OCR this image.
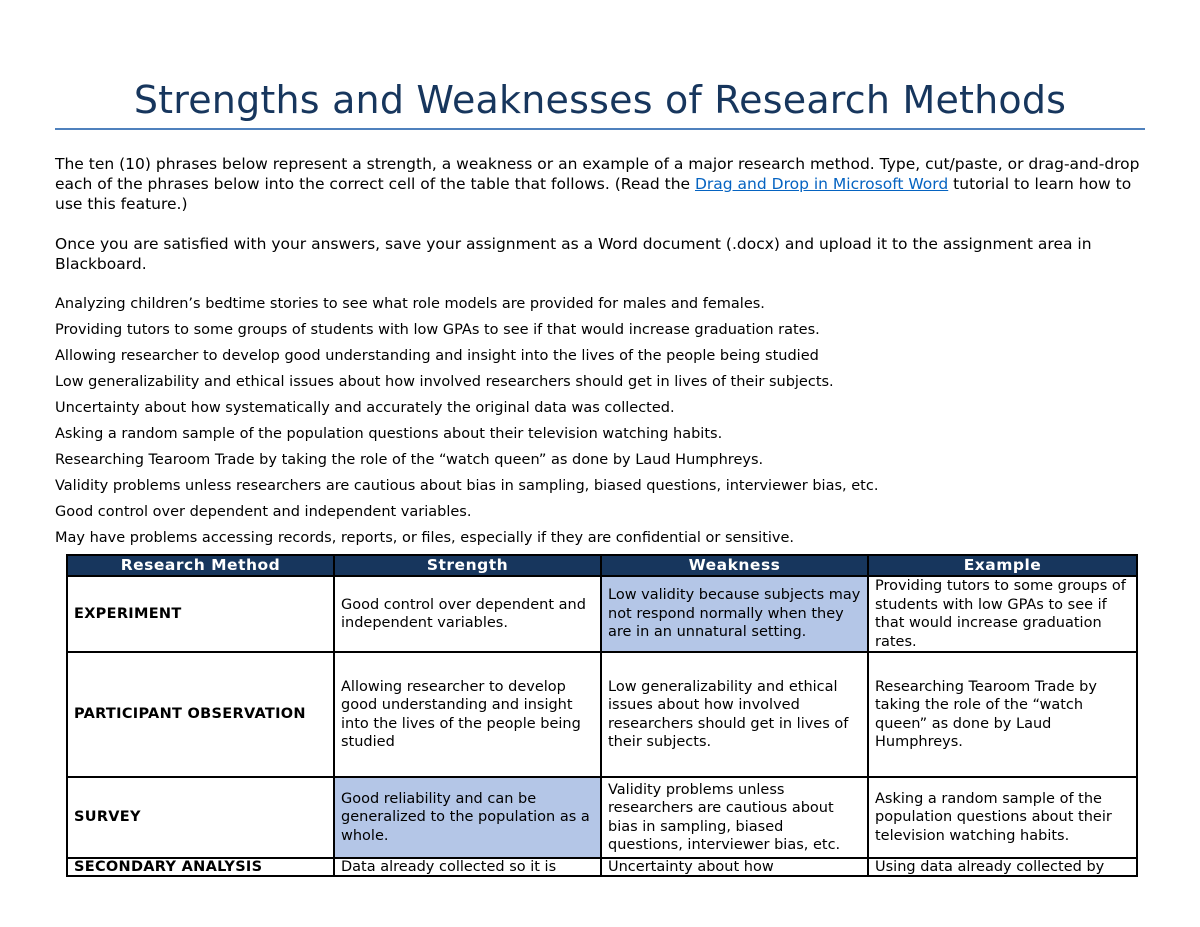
Strengths and Weaknesses of Research Methods

The ten (10) phrases below represent a strength, a weakness or an example of a major research method. Type, cut/paste, or drag-and-drop each of the phrases below into the correct cell of the table that follows. (Read the Drag and Drop in Microsoft Word tutorial to learn how to use this feature.)

Once you are satisfied with your answers, save your assignment as a Word document (.docx) and upload it to the assignment area in Blackboard.

Analyzing children’s bedtime stories to see what role models are provided for males and females.
Providing tutors to some groups of students with low GPAs to see if that would increase graduation rates.
Allowing researcher to develop good understanding and insight into the lives of the people being studied
Low generalizability and ethical issues about how involved researchers should get in lives of their subjects.
Uncertainty about how systematically and accurately the original data was collected.
Asking a random sample of the population questions about their television watching habits.
Researching Tearoom Trade by taking the role of the “watch queen” as done by Laud Humphreys.
Validity problems unless researchers are cautious about bias in sampling, biased questions, interviewer bias, etc.
Good control over dependent and independent variables.
May have problems accessing records, reports, or files, especially if they are confidential or sensitive.
Research Method	Strength	Weakness	Example
EXPERIMENT	Good control over dependent and independent variables.	Low validity because subjects may not respond normally when they are in an unnatural setting.	Providing tutors to some groups of students with low GPAs to see if that would increase graduation rates.
PARTICIPANT OBSERVATION	Allowing researcher to develop good understanding and insight into the lives of the people being studied	Low generalizability and ethical issues about how involved researchers should get in lives of their subjects.	Researching Tearoom Trade by taking the role of the “watch queen” as done by Laud Humphreys.
SURVEY	Good reliability and can be generalized to the population as a whole.	Validity problems unless researchers are cautious about bias in sampling, biased questions, interviewer bias, etc.	Asking a random sample of the population questions about their television watching habits.
SECONDARY ANALYSIS	Data already collected so it is	Uncertainty about how	Using data already collected by
